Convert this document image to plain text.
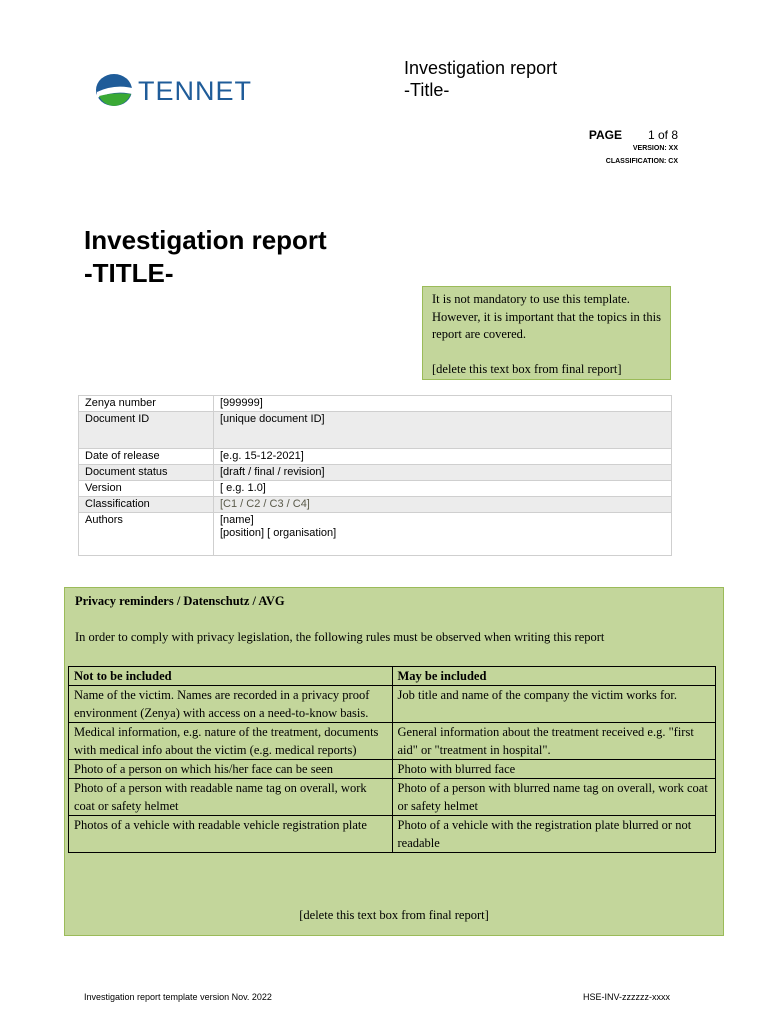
TENNET
Investigation report
-Title-
PAGE 1 of 8
VERSION: XX
CLASSIFICATION: CX
Investigation report
-TITLE-

It is not mandatory to use this template. However, it is important that the topics in this report are covered.

[delete this text box from final report]

Zenya number	[999999]
Document ID	[unique document ID]
Date of release	[e.g. 15-12-2021]
Document status	[draft / final / revision]
Version	[ e.g. 1.0]
Classification	[C1 / C2 / C3 / C4]
Authors	[name]
[position] [ organisation]
Privacy reminders / Datenschutz / AVG
In order to comply with privacy legislation, the following rules must be observed when writing this report
Not to be included	May be included
Name of the victim. Names are recorded in a privacy proof environment (Zenya) with access on a need-to-know basis.	Job title and name of the company the victim works for.
Medical information, e.g. nature of the treatment, documents with medical info about the victim (e.g. medical reports)	General information about the treatment received e.g. "first aid" or "treatment in hospital".
Photo of a person on which his/her face can be seen	Photo with blurred face
Photo of a person with readable name tag on overall, work coat or safety helmet	Photo of a person with blurred name tag on overall, work coat or safety helmet
Photos of a vehicle with readable vehicle registration plate	Photo of a vehicle with the registration plate blurred or not readable
[delete this text box from final report]
Investigation report template version Nov. 2022	HSE-INV-zzzzzz-xxxx
